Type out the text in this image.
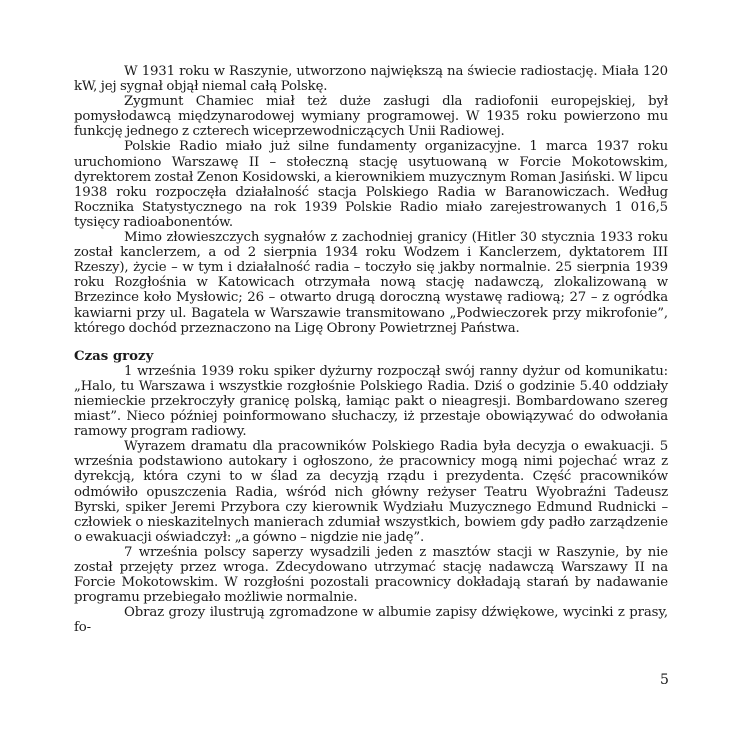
W 1931 roku w Raszynie, utworzono największą na świecie radiostację. Miała 120 kW, jej sygnał objął niemal całą Polskę.

Zygmunt Chamiec miał też duże zasługi dla radiofonii europejskiej, był pomysłodawcą międzynarodowej wymiany programowej. W 1935 roku powierzono mu funkcję jednego z czterech wiceprzewodniczących Unii Radiowej.

Polskie Radio miało już silne fundamenty organizacyjne. 1 marca 1937 roku uruchomiono Warszawę II – stołeczną stację usytuowaną w Forcie Mokotowskim, dyrektorem został Zenon Kosidowski, a kierownikiem muzycznym Roman Jasiński. W lipcu 1938 roku rozpoczęła działalność stacja Polskiego Radia w Baranowiczach. Według Rocznika Statystycznego na rok 1939 Polskie Radio miało zarejestrowanych 1 016,5 tysięcy radioabonentów.

Mimo złowieszczych sygnałów z zachodniej granicy (Hitler 30 stycznia 1933 roku został kanclerzem, a od 2 sierpnia 1934 roku Wodzem i Kanclerzem, dyktatorem III Rzeszy), życie – w tym i działalność radia – toczyło się jakby normalnie. 25 sierpnia 1939 roku Rozgłośnia w Katowicach otrzymała nową stację nadawczą, zlokalizowaną w Brzezince koło Mysłowic; 26 – otwarto drugą doroczną wystawę radiową; 27 – z ogródka kawiarni przy ul. Bagatela w Warszawie transmitowano „Podwieczorek przy mikrofonie”, którego dochód przeznaczono na Ligę Obrony Powietrznej Państwa.

Czas grozy

1 września 1939 roku spiker dyżurny rozpoczął swój ranny dyżur od komunikatu: „Halo, tu Warszawa i wszystkie rozgłośnie Polskiego Radia. Dziś o godzinie 5.40 oddziały niemieckie przekroczyły granicę polską, łamiąc pakt o nieagresji. Bombardowano szereg miast”. Nieco później poinformowano słuchaczy, iż przestaje obowiązywać do odwołania ramowy program radiowy.

Wyrazem dramatu dla pracowników Polskiego Radia była decyzja o ewakuacji. 5 września podstawiono autokary i ogłoszono, że pracownicy mogą nimi pojechać wraz z dyrekcją, która czyni to w ślad za decyzją rządu i prezydenta. Część pracowników odmówiło opuszczenia Radia, wśród nich główny reżyser Teatru Wyobraźni Tadeusz Byrski, spiker Jeremi Przybora czy kierownik Wydziału Muzycznego Edmund Rudnicki – człowiek o nieskazitelnych manierach zdumiał wszystkich, bowiem gdy padło zarządzenie o ewakuacji oświadczył: „a gówno – nigdzie nie jadę”.

7 września polscy saperzy wysadzili jeden z masztów stacji w Raszynie, by nie został przejęty przez wroga. Zdecydowano utrzymać stację nadawczą Warszawy II na Forcie Mokotowskim. W rozgłośni pozostali pracownicy dokładają starań by nadawanie programu przebiegało możliwie normalnie.

Obraz grozy ilustrują zgromadzone w albumie zapisy dźwiękowe, wycinki z prasy, fo-

5
